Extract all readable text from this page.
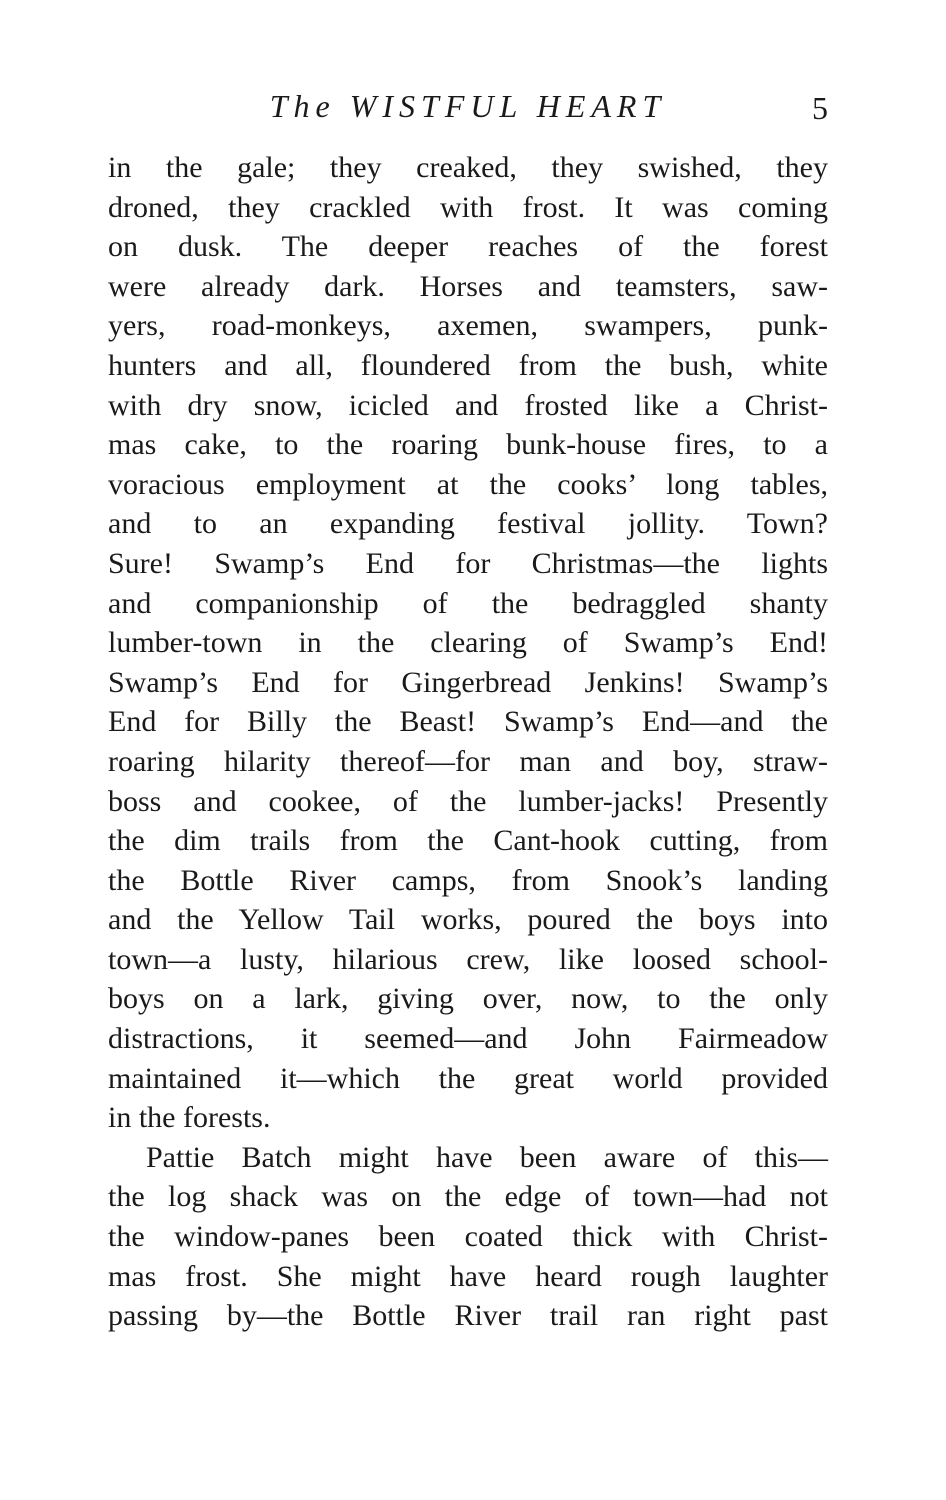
The WISTFUL HEART	5
in the gale; they creaked, they swished, they
droned, they crackled with frost. It was coming
on dusk. The deeper reaches of the forest
were already dark. Horses and teamsters, saw-
yers, road-monkeys, axemen, swampers, punk-
hunters and all, floundered from the bush, white
with dry snow, icicled and frosted like a Christ-
mas cake, to the roaring bunk-house fires, to a
voracious employment at the cooks’ long tables,
and to an expanding festival jollity. Town?
Sure! Swamp’s End for Christmas—the lights
and companionship of the bedraggled shanty
lumber-town in the clearing of Swamp’s End!
Swamp’s End for Gingerbread Jenkins! Swamp’s
End for Billy the Beast! Swamp’s End—and the
roaring hilarity thereof—for man and boy, straw-
boss and cookee, of the lumber-jacks! Presently
the dim trails from the Cant-hook cutting, from
the Bottle River camps, from Snook’s landing
and the Yellow Tail works, poured the boys into
town—a lusty, hilarious crew, like loosed school-
boys on a lark, giving over, now, to the only
distractions, it seemed—and John Fairmeadow
maintained it—which the great world provided
in the forests.
Pattie Batch might have been aware of this—
the log shack was on the edge of town—had not
the window-panes been coated thick with Christ-
mas frost. She might have heard rough laughter
passing by—the Bottle River trail ran right past
